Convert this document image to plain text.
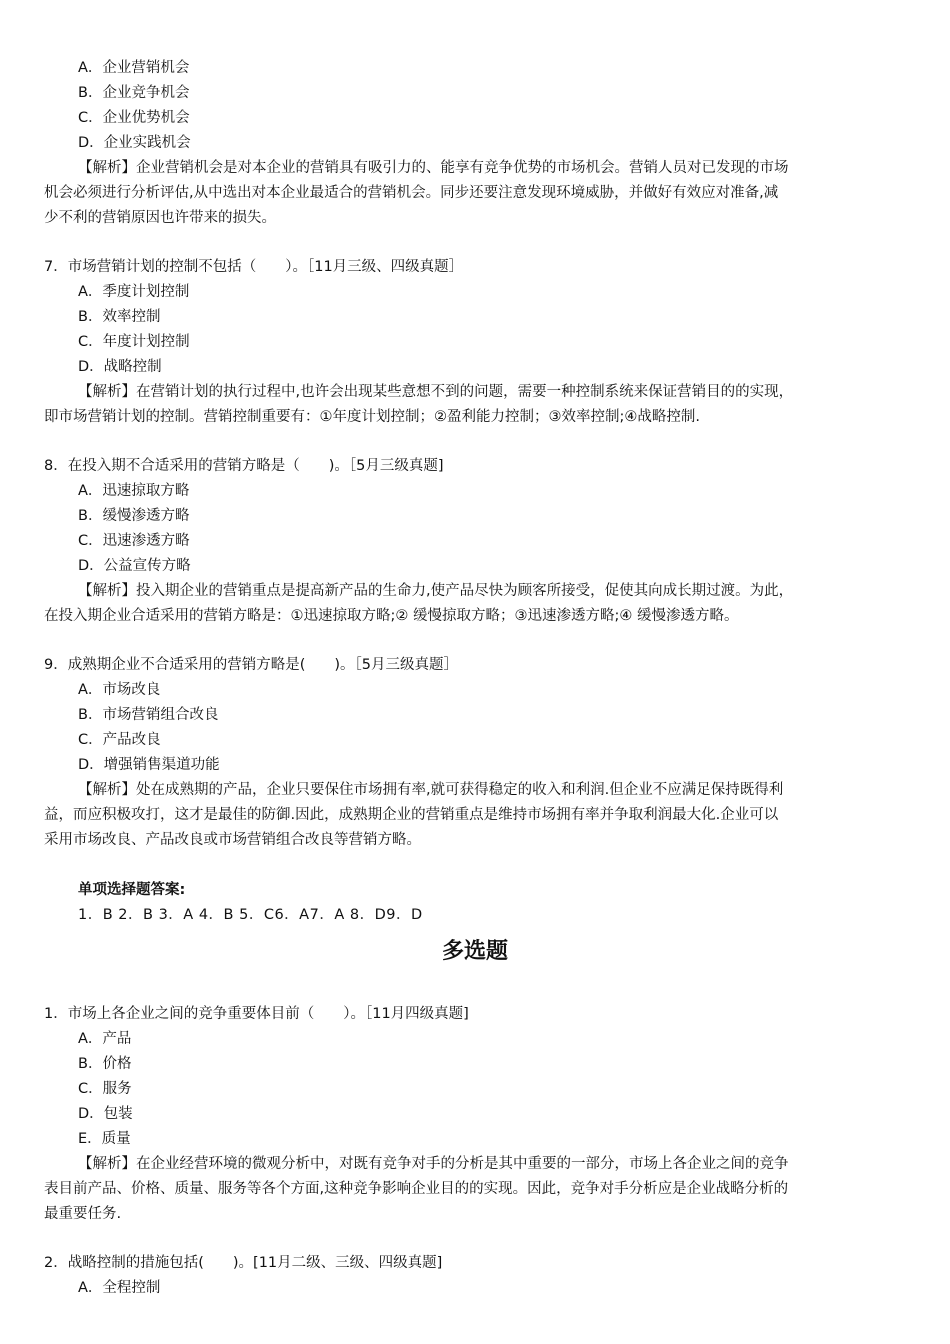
A．企业营销机会
B．企业竞争机会
C．企业优势机会
D．企业实践机会
【解析】企业营销机会是对本企业的营销具有吸引力的、能享有竞争优势的市场机会。营销人员对已发现的市场
机会必须进行分析评估,从中选出对本企业最适合的营销机会。同步还要注意发现环境威胁，并做好有效应对准备,减
少不利的营销原因也许带来的损失。
7．市场营销计划的控制不包括（　　）。［11月三级、四级真题］
A．季度计划控制
B．效率控制
C．年度计划控制
D．战略控制
【解析】在营销计划的执行过程中,也许会出现某些意想不到的问题，需要一种控制系统来保证营销目的的实现，
即市场营销计划的控制。营销控制重要有：①年度计划控制；②盈利能力控制；③效率控制;④战略控制.
8．在投入期不合适采用的营销方略是（　　)。［5月三级真题]
A．迅速掠取方略
B．缓慢渗透方略
C．迅速渗透方略
D．公益宣传方略
【解析】投入期企业的营销重点是提高新产品的生命力,使产品尽快为顾客所接受，促使其向成长期过渡。为此，
在投入期企业合适采用的营销方略是：①迅速掠取方略;② 缓慢掠取方略；③迅速渗透方略;④ 缓慢渗透方略。
9．成熟期企业不合适采用的营销方略是(　　)。［5月三级真题］
A．市场改良
B．市场营销组合改良
C．产品改良
D．增强销售渠道功能
【解析】处在成熟期的产品，企业只要保住市场拥有率,就可获得稳定的收入和利润.但企业不应满足保持既得利
益，而应积极攻打，这才是最佳的防御.因此，成熟期企业的营销重点是维持市场拥有率并争取利润最大化.企业可以
采用市场改良、产品改良或市场营销组合改良等营销方略。
单项选择题答案:
1．B 2．B 3．A 4．B 5．C6．A7．A 8．D9．D
多选题
1．市场上各企业之间的竞争重要体目前（　　）。［11月四级真题]
A．产品
B．价格
C．服务
D．包装
E．质量
【解析】在企业经营环境的微观分析中，对既有竞争对手的分析是其中重要的一部分，市场上各企业之间的竞争
表目前产品、价格、质量、服务等各个方面,这种竞争影响企业目的的实现。因此，竞争对手分析应是企业战略分析的
最重要任务.
2．战略控制的措施包括(　　)。[11月二级、三级、四级真题]
A．全程控制
